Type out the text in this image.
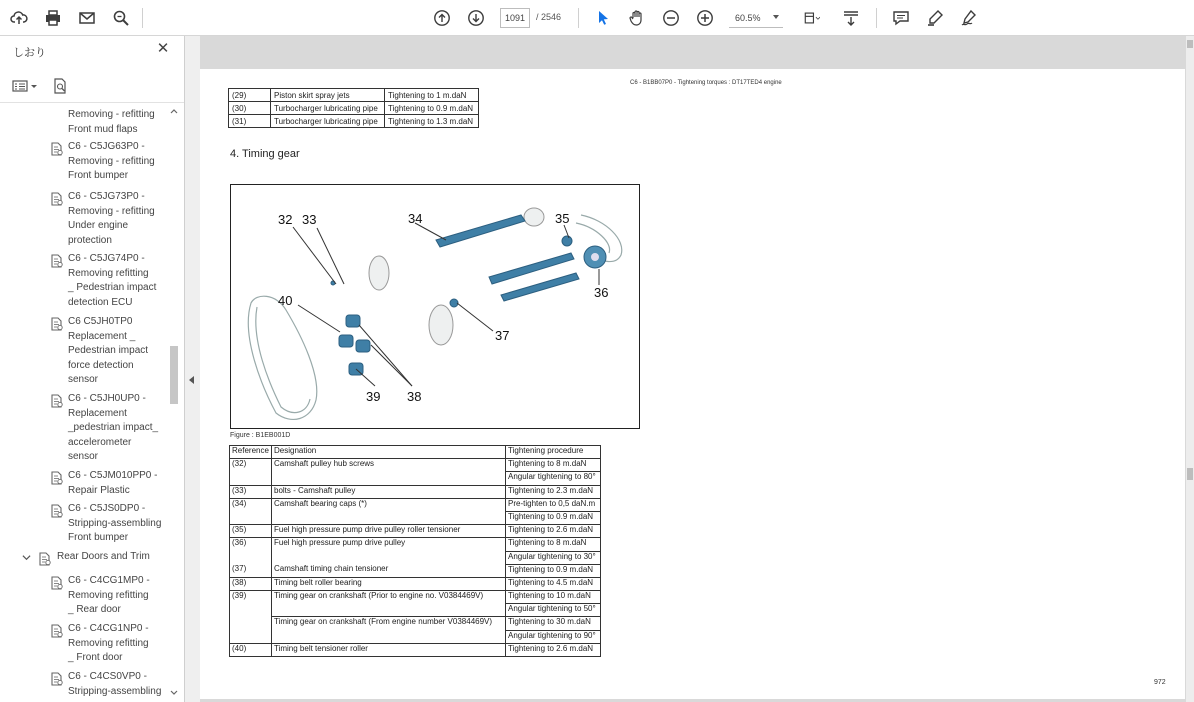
1091	/ 2546	60.5%
しおり	✕
Removing - refitting
Front mud flaps
C6 - C5JG63P0 -
Removing - refitting
Front bumper
C6 - C5JG73P0 -
Removing - refitting
Under engine
protection
C6 - C5JG74P0 -
Removing refitting
_ Pedestrian impact
detection ECU
C6 C5JH0TP0
Replacement _
Pedestrian impact
force detection
sensor
C6 - C5JH0UP0 -
Replacement
_pedestrian impact_
accelerometer
sensor
C6 - C5JM010PP0 -
Repair Plastic
C6 - C5JS0DP0 -
Stripping-assembling
Front bumper
Rear Doors and Trim
C6 - C4CG1MP0 -
Removing refitting
_ Rear door
C6 - C4CG1NP0 -
Removing refitting
_ Front door
C6 - C4CS0VP0 -
Stripping-assembling
C6 - B1BB07P0 - Tightening torques : DT17TED4 engine
(29)	Piston skirt spray jets	Tightening to 1 m.daN
(30)	Turbocharger lubricating pipe	Tightening to 0.9 m.daN
(31)	Turbocharger lubricating pipe	Tightening to 1.3 m.daN
4. Timing gear
32 33	34	35
36
37
38
39
40
Figure : B1EB001D
Reference	Designation	Tightening procedure
(32)	Camshaft pulley hub screws	Tightening to 8 m.daN
		Angular tightening to 80°
(33)	bolts - Camshaft pulley	Tightening to 2.3 m.daN
(34)	Camshaft bearing caps (*)	Pre-tighten to 0,5 daN.m
		Tightening to 0.9 m.daN
(35)	Fuel high pressure pump drive pulley roller tensioner	Tightening to 2.6 m.daN
(36)	Fuel high pressure pump drive pulley	Tightening to 8 m.daN
		Angular tightening to 30°
(37)	Camshaft timing chain tensioner	Tightening to 0.9 m.daN
(38)	Timing belt roller bearing	Tightening to 4.5 m.daN
(39)	Timing gear on crankshaft (Prior to engine no. V0384469V)	Tightening to 10 m.daN
		Angular tightening to 50°
	Timing gear on crankshaft (From engine number V0384469V)	Tightening to 30 m.daN
		Angular tightening to 90°
(40)	Timing belt tensioner roller	Tightening to 2.6 m.daN
972
